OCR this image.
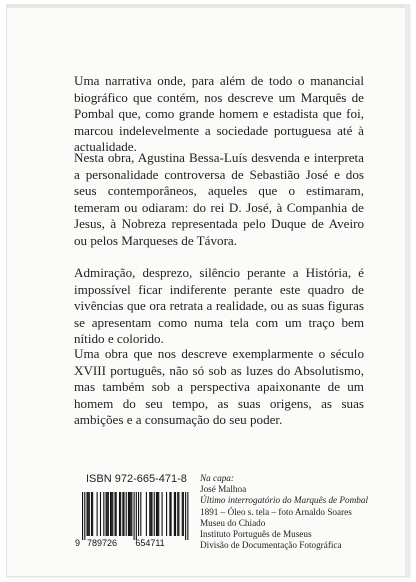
Uma narrativa onde, para além de todo o manancial biográfico que contém, nos descreve um Marquês de Pombal que, como grande homem e estadista que foi, marcou indelevelmente a sociedade portuguesa até à actualidade.

Nesta obra, Agustina Bessa-Luís desvenda e interpreta a personalidade controversa de Sebastião José e dos seus contemporâneos, aqueles que o estimaram, temeram ou odiaram: do rei D. José, à Companhia de Jesus, à Nobreza representada pelo Duque de Aveiro ou pelos Marqueses de Távora.

Admiração, desprezo, silêncio perante a História, é impossível ficar indiferente perante este quadro de vivências que ora retrata a realidade, ou as suas figuras se apresentam como numa tela com um traço bem nítido e colorido.

Uma obra que nos descreve exemplarmente o século XVIII português, não só sob as luzes do Absolutismo, mas também sob a perspectiva apaixonante de um homem do seu tempo, as suas origens, as suas ambições e a consumação do seu poder.

ISBN 972-665-471-8
9 789726 654711
Na capa:
José Malhoa
Último interrogatório do Marquês de Pombal
1891 – Óleo s. tela – foto Arnaldo Soares
Museu do Chiado
Instituto Português de Museus
Divisão de Documentação Fotográfica
